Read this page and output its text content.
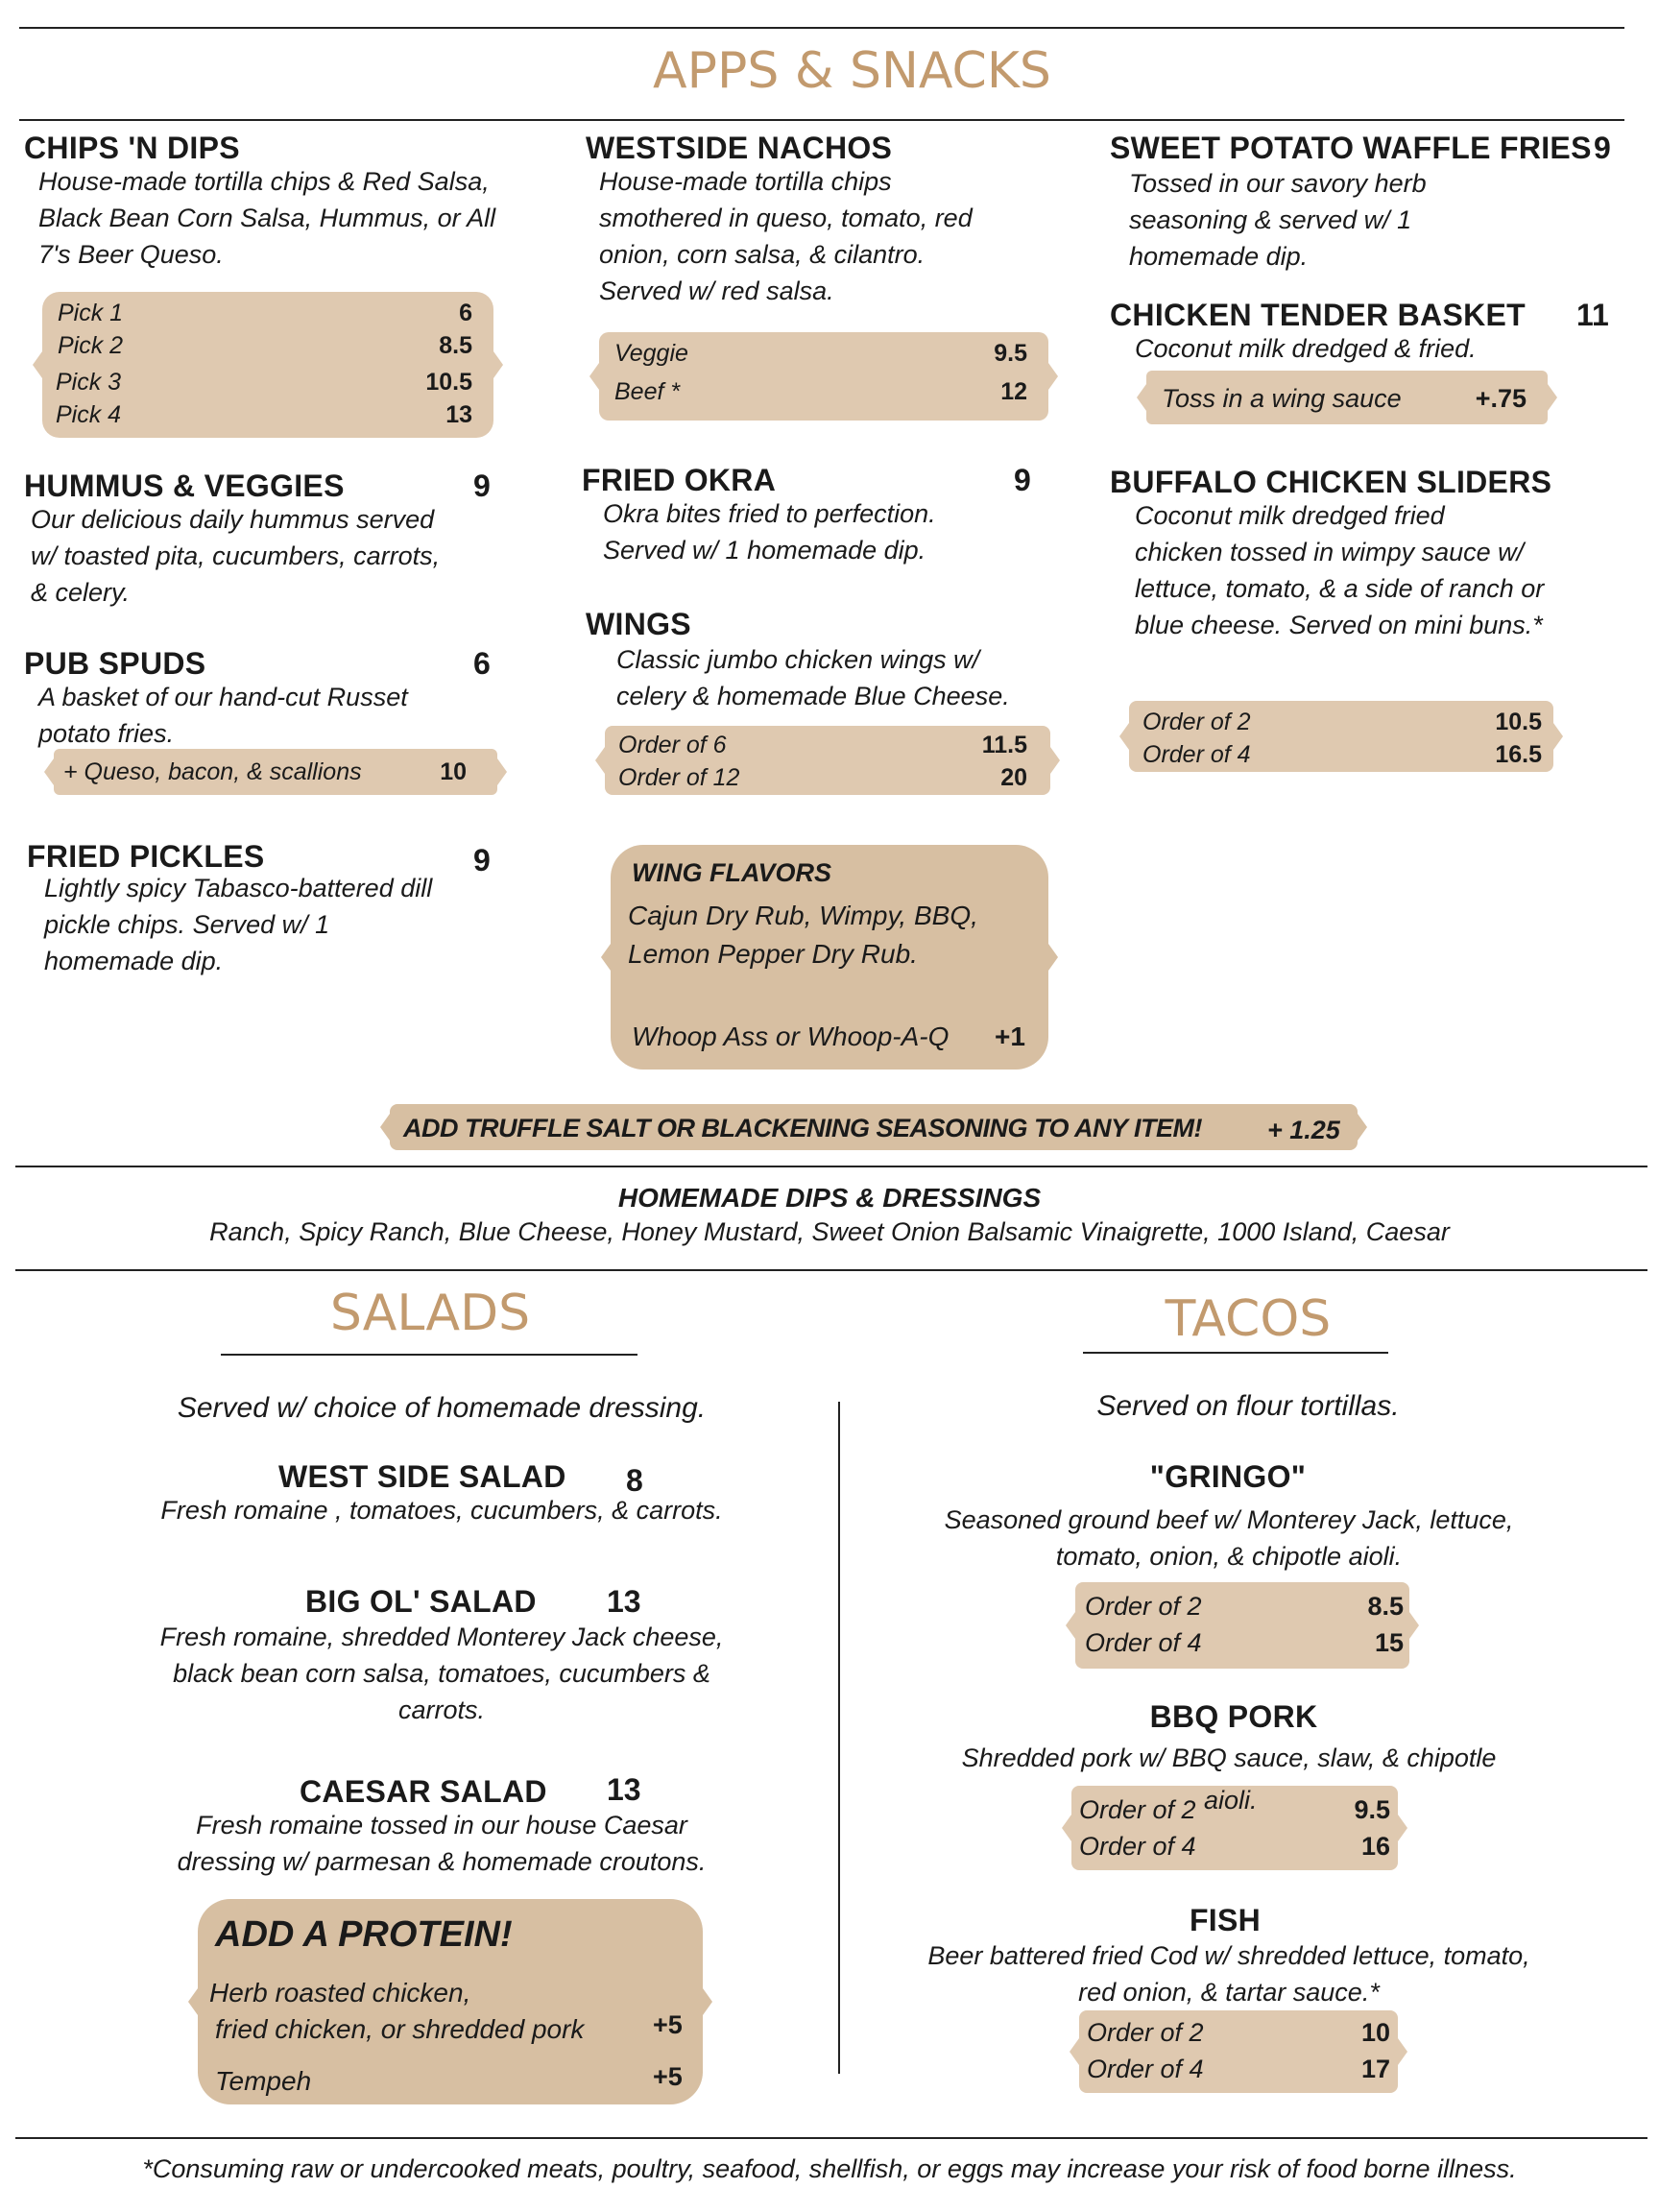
APPS & SNACKS
CHIPS 'N DIPS
House-made tortilla chips & Red Salsa,
Black Bean Corn Salsa, Hummus, or All
7's Beer Queso.
Pick 1	6
Pick 2	8.5
Pick 3	10.5
Pick 4	13
HUMMUS & VEGGIES	9
Our delicious daily hummus served
w/ toasted pita, cucumbers, carrots,
& celery.
PUB SPUDS	6
A basket of our hand-cut Russet
potato fries.
+ Queso, bacon, & scallions	10
FRIED PICKLES	9
Lightly spicy Tabasco-battered dill
pickle chips. Served w/ 1
homemade dip.
WESTSIDE NACHOS
House-made tortilla chips
smothered in queso, tomato, red
onion, corn salsa, & cilantro.
Served w/ red salsa.
Veggie	9.5
Beef *	12
FRIED OKRA	9
Okra bites fried to perfection.
Served w/ 1 homemade dip.
WINGS
Classic jumbo chicken wings w/
celery & homemade Blue Cheese.
Order of 6	11.5
Order of 12	20
WING FLAVORS
Cajun Dry Rub, Wimpy, BBQ,
Lemon Pepper Dry Rub.
Whoop Ass or Whoop-A-Q +1
SWEET POTATO WAFFLE FRIES 9
Tossed in our savory herb
seasoning & served w/ 1
homemade dip.
CHICKEN TENDER BASKET 11
Coconut milk dredged & fried.
Toss in a wing sauce	+.75
BUFFALO CHICKEN SLIDERS
Coconut milk dredged fried
chicken tossed in wimpy sauce w/
lettuce, tomato, & a side of ranch or
blue cheese. Served on mini buns.*
Order of 2	10.5
Order of 4	16.5
ADD TRUFFLE SALT OR BLACKENING SEASONING TO ANY ITEM!	+ 1.25
HOMEMADE DIPS & DRESSINGS
Ranch, Spicy Ranch, Blue Cheese, Honey Mustard, Sweet Onion Balsamic Vinaigrette, 1000 Island, Caesar
SALADS
Served w/ choice of homemade dressing.
WEST SIDE SALAD 8
Fresh romaine , tomatoes, cucumbers, & carrots.
BIG OL' SALAD 13
Fresh romaine, shredded Monterey Jack cheese,
black bean corn salsa, tomatoes, cucumbers &
carrots.
CAESAR SALAD 13
Fresh romaine tossed in our house Caesar
dressing w/ parmesan & homemade croutons.
ADD A PROTEIN!
Herb roasted chicken,
fried chicken, or shredded pork	+5
Tempeh	+5
TACOS
Served on flour tortillas.
"GRINGO"
Seasoned ground beef w/ Monterey Jack, lettuce,
tomato, onion, & chipotle aioli.
Order of 2	8.5
Order of 4	15
BBQ PORK
Shredded pork w/ BBQ sauce, slaw, & chipotle
aioli.
Order of 2	9.5
Order of 4	16
FISH
Beer battered fried Cod w/ shredded lettuce, tomato,
red onion, & tartar sauce.*
Order of 2	10
Order of 4	17
*Consuming raw or undercooked meats, poultry, seafood, shellfish, or eggs may increase your risk of food borne illness.
